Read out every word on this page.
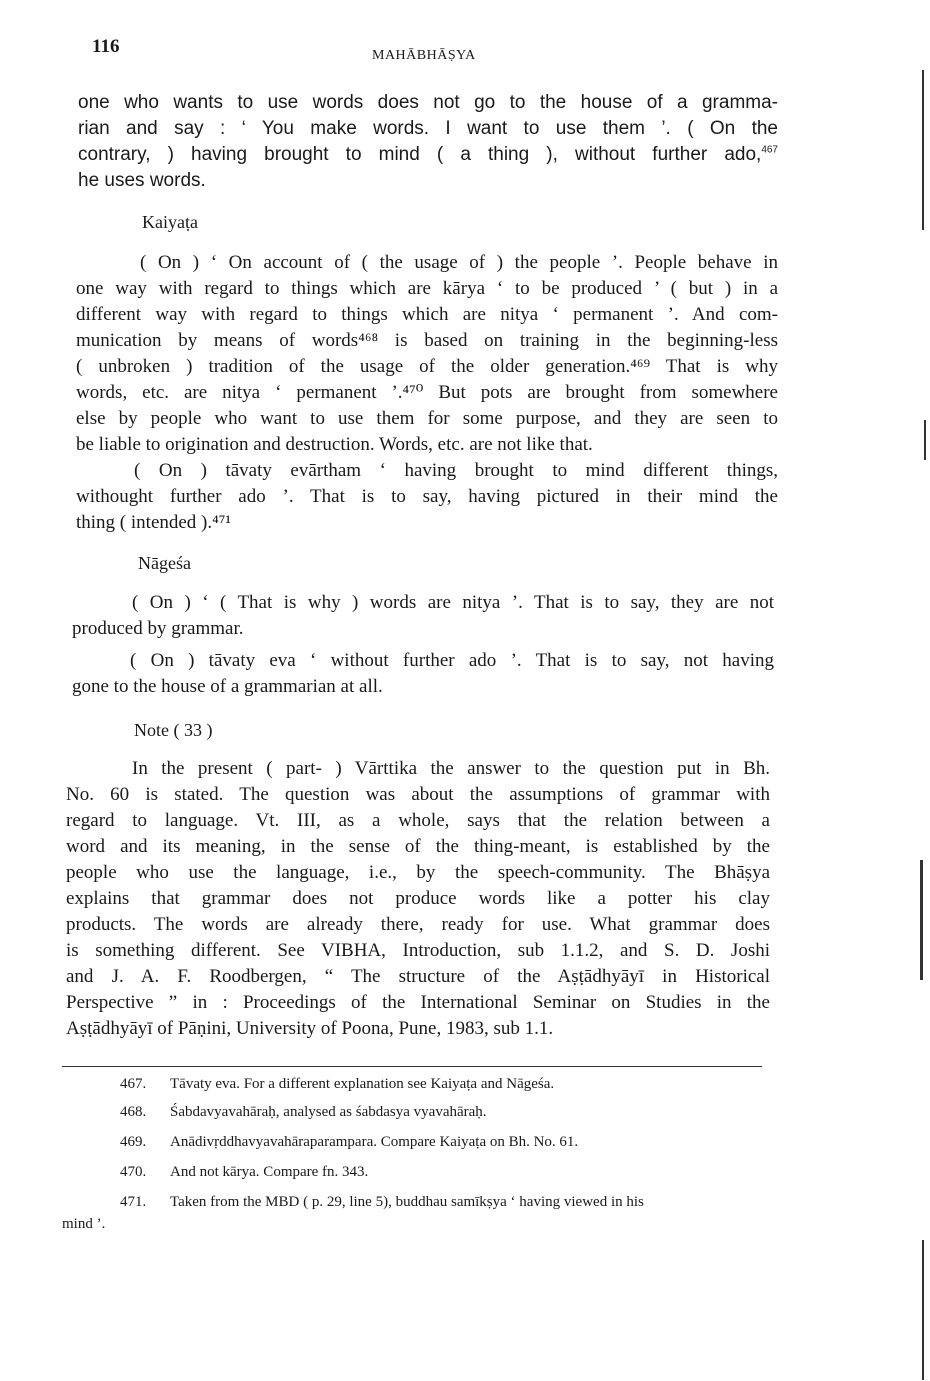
116	MAHĀBHĀṢYA
one who wants to use words does not go to the house of a gramma-
rian and say : ‘ You make words. I want to use them ’. ( On the
contrary, ) having brought to mind ( a thing ), without further ado,$^{467}$
he uses words.
Kaiyaṭa
( On ) ‘ On account of ( the usage of ) the people ’. People behave in
one way with regard to things which are kārya ‘ to be produced ’ ( but ) in a
different way with regard to things which are nitya ‘ permanent ’. And com-
munication by means of words⁴⁶⁸ is based on training in the beginning-less
( unbroken ) tradition of the usage of the older generation.⁴⁶⁹ That is why
words, etc. are nitya ‘ permanent ’.⁴⁷⁰ But pots are brought from somewhere
else by people who want to use them for some purpose, and they are seen to
be liable to origination and destruction. Words, etc. are not like that.
( On ) tāvaty evārtham ‘ having brought to mind different things,
withought further ado ’. That is to say, having pictured in their mind the
thing ( intended ).⁴⁷¹
Nāgeśa
( On ) ‘ ( That is why ) words are nitya ’. That is to say, they are not
produced by grammar.
( On ) tāvaty eva ‘ without further ado ’. That is to say, not having
gone to the house of a grammarian at all.
Note ( 33 )
In the present ( part- ) Vārttika the answer to the question put in Bh.
No. 60 is stated. The question was about the assumptions of grammar with
regard to language. Vt. III, as a whole, says that the relation between a
word and its meaning, in the sense of the thing-meant, is established by the
people who use the language, i.e., by the speech-community. The Bhāṣya
explains that grammar does not produce words like a potter his clay
products. The words are already there, ready for use. What grammar does
is something different. See VIBHA, Introduction, sub 1.1.2, and S. D. Joshi
and J. A. F. Roodbergen, “ The structure of the Aṣṭādhyāyī in Historical
Perspective ” in : Proceedings of the International Seminar on Studies in the
Aṣṭādhyāyī of Pāṇini, University of Poona, Pune, 1983, sub 1.1.
467. Tāvaty eva. For a different explanation see Kaiyaṭa and Nāgeśa.
468. Śabdavyavahāraḥ, analysed as śabdasya vyavahāraḥ.
469. Anādivṛddhavyavahāraparampara. Compare Kaiyaṭa on Bh. No. 61.
470. And not kārya. Compare fn. 343.
471. Taken from the MBD ( p. 29, line 5), buddhau samīkṣya ‘ having viewed in his
mind ’.
